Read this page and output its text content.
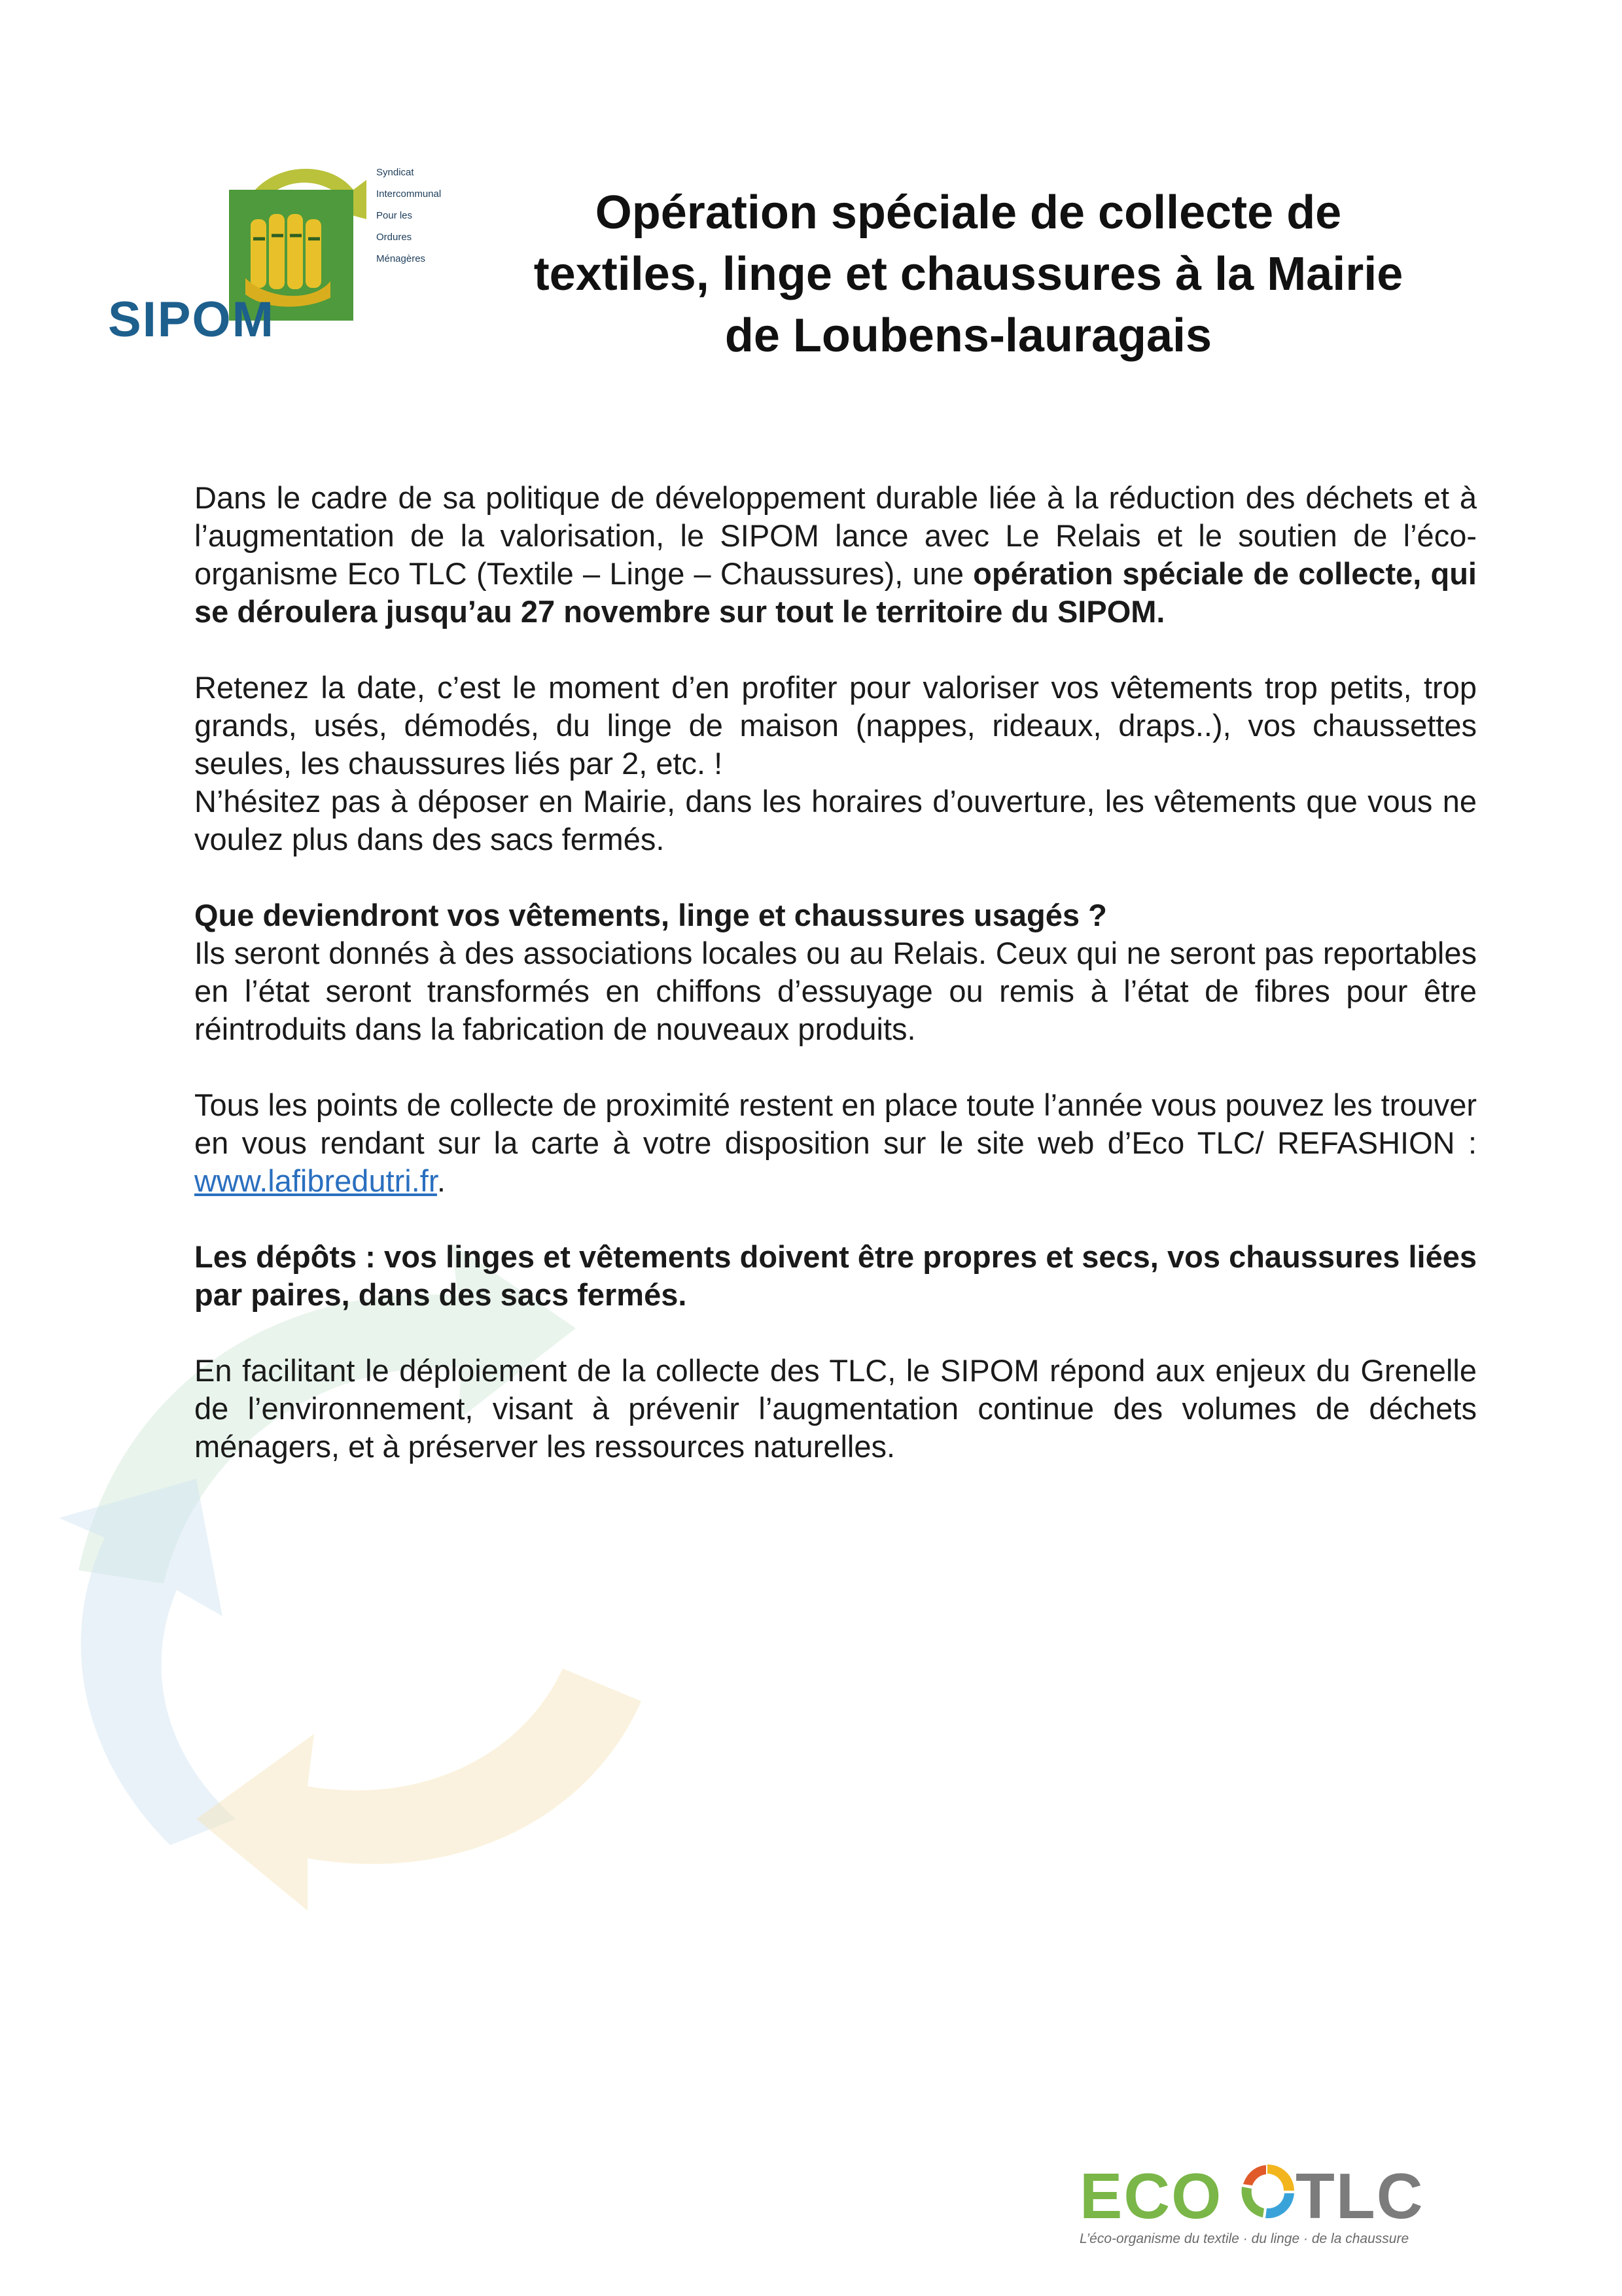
SIPOM
Syndicat
Intercommunal
Pour les
Ordures
Ménagères
Opération spéciale de collecte de
textiles, linge et chaussures à la Mairie
de Loubens-lauragais

Dans le cadre de sa politique de développement durable liée à la réduction des déchets et à l’augmentation de la valorisation, le SIPOM lance avec Le Relais et le soutien de l’éco-organisme Eco TLC (Textile – Linge – Chaussures), une opération spéciale de collecte, qui se déroulera jusqu’au 27 novembre sur tout le territoire du SIPOM.

Retenez la date, c’est le moment d’en profiter pour valoriser vos vêtements trop petits, trop grands, usés, démodés, du linge de maison (nappes, rideaux, draps..), vos chaussettes seules, les chaussures liés par 2, etc. !

N’hésitez pas à déposer en Mairie, dans les horaires d’ouverture, les vêtements que vous ne voulez plus dans des sacs fermés.

Que deviendront vos vêtements, linge et chaussures usagés ?

Ils seront donnés à des associations locales ou au Relais. Ceux qui ne seront pas reportables en l’état seront transformés en chiffons d’essuyage ou remis à l’état de fibres pour être réintroduits dans la fabrication de nouveaux produits.

Tous les points de collecte de proximité restent en place toute l’année vous pouvez les trouver en vous rendant sur la carte à votre disposition sur le site web d’Eco TLC/ REFASHION : www.lafibredutri.fr.

Les dépôts : vos linges et vêtements doivent être propres et secs, vos chaussures liées par paires, dans des sacs fermés.

En facilitant le déploiement de la collecte des TLC, le SIPOM répond aux enjeux du Grenelle de l’environnement, visant à prévenir l’augmentation continue des volumes de déchets ménagers, et à préserver les ressources naturelles.

ECO TLC
L’éco-organisme du textile · du linge · de la chaussure
